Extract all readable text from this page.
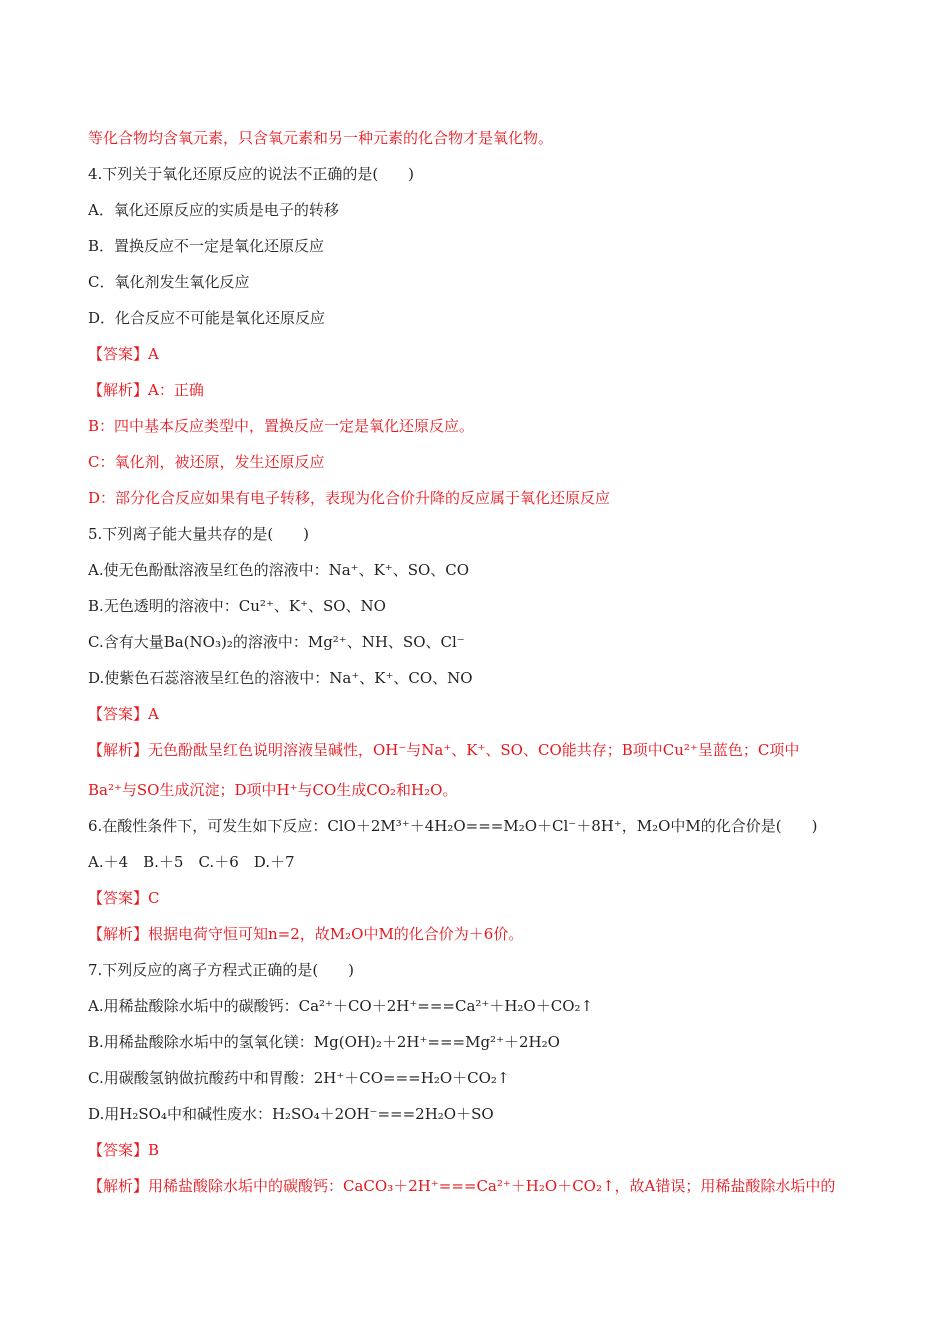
等化合物均含氧元素，只含氧元素和另一种元素的化合物才是氧化物。
4.下列关于氧化还原反应的说法不正确的是(　　)
A．氧化还原反应的实质是电子的转移
B．置换反应不一定是氧化还原反应
C．氧化剂发生氧化反应
D．化合反应不可能是氧化还原反应
【答案】A
【解析】A：正确
B：四中基本反应类型中，置换反应一定是氧化还原反应。
C：氧化剂，被还原，发生还原反应
D：部分化合反应如果有电子转移，表现为化合价升降的反应属于氧化还原反应
5.下列离子能大量共存的是(　　)
A.使无色酚酞溶液呈红色的溶液中：Na⁺、K⁺、SO、CO
B.无色透明的溶液中：Cu²⁺、K⁺、SO、NO
C.含有大量Ba(NO₃)₂的溶液中：Mg²⁺、NH、SO、Cl⁻
D.使紫色石蕊溶液呈红色的溶液中：Na⁺、K⁺、CO、NO
【答案】A
【解析】无色酚酞呈红色说明溶液呈碱性，OH⁻与Na⁺、K⁺、SO、CO能共存；B项中Cu²⁺呈蓝色；C项中
Ba²⁺与SO生成沉淀；D项中H⁺与CO生成CO₂和H₂O。
6.在酸性条件下，可发生如下反应：ClO＋2M³⁺＋4H₂O===M₂O＋Cl⁻＋8H⁺，M₂O中M的化合价是(　　)
A.＋4　B.＋5　C.＋6　D.＋7
【答案】C
【解析】根据电荷守恒可知n=2，故M₂O中M的化合价为＋6价。
7.下列反应的离子方程式正确的是(　　)
A.用稀盐酸除水垢中的碳酸钙：Ca²⁺＋CO＋2H⁺===Ca²⁺＋H₂O＋CO₂↑
B.用稀盐酸除水垢中的氢氧化镁：Mg(OH)₂＋2H⁺===Mg²⁺＋2H₂O
C.用碳酸氢钠做抗酸药中和胃酸：2H⁺＋CO===H₂O＋CO₂↑
D.用H₂SO₄中和碱性废水：H₂SO₄＋2OH⁻===2H₂O＋SO
【答案】B
【解析】用稀盐酸除水垢中的碳酸钙：CaCO₃＋2H⁺===Ca²⁺＋H₂O＋CO₂↑，故A错误；用稀盐酸除水垢中的
